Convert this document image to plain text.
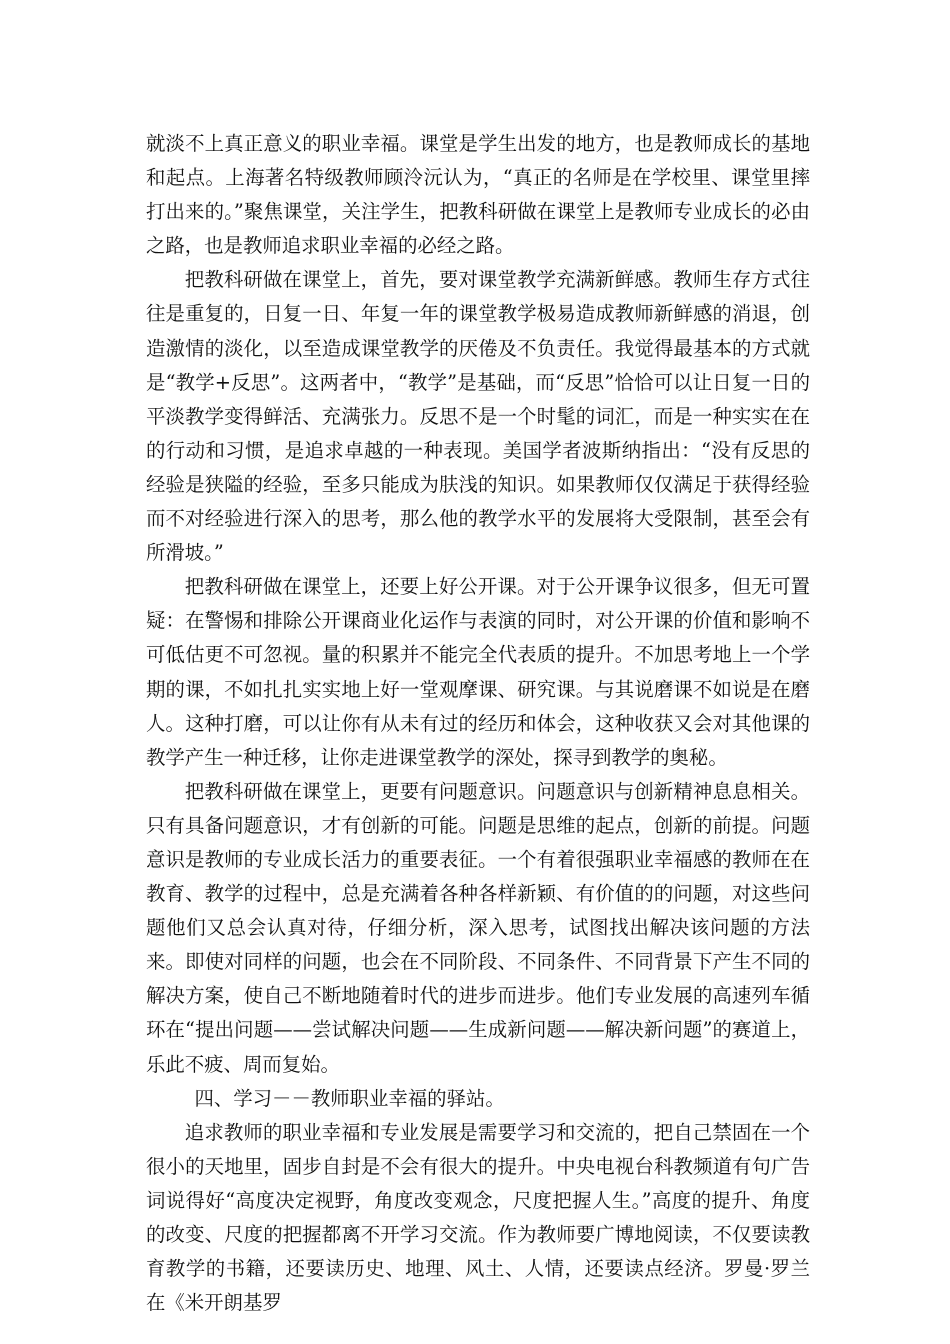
就淡不上真正意义的职业幸福。课堂是学生出发的地方，也是教师成长的基地和起点。上海著名特级教师顾泠沅认为，“真正的名师是在学校里、课堂里摔打出来的。”聚焦课堂，关注学生，把教科研做在课堂上是教师专业成长的必由之路，也是教师追求职业幸福的必经之路。

把教科研做在课堂上，首先，要对课堂教学充满新鲜感。教师生存方式往往是重复的，日复一日、年复一年的课堂教学极易造成教师新鲜感的消退，创造激情的淡化，以至造成课堂教学的厌倦及不负责任。我觉得最基本的方式就是“教学+反思”。这两者中，“教学”是基础，而“反思”恰恰可以让日复一日的平淡教学变得鲜活、充满张力。反思不是一个时髦的词汇，而是一种实实在在的行动和习惯，是追求卓越的一种表现。美国学者波斯纳指出：“没有反思的经验是狭隘的经验，至多只能成为肤浅的知识。如果教师仅仅满足于获得经验而不对经验进行深入的思考，那么他的教学水平的发展将大受限制，甚至会有所滑坡。”

把教科研做在课堂上，还要上好公开课。对于公开课争议很多，但无可置疑：在警惕和排除公开课商业化运作与表演的同时，对公开课的价值和影响不可低估更不可忽视。量的积累并不能完全代表质的提升。不加思考地上一个学期的课，不如扎扎实实地上好一堂观摩课、研究课。与其说磨课不如说是在磨人。这种打磨，可以让你有从未有过的经历和体会，这种收获又会对其他课的教学产生一种迁移，让你走进课堂教学的深处，探寻到教学的奥秘。

把教科研做在课堂上，更要有问题意识。问题意识与创新精神息息相关。只有具备问题意识，才有创新的可能。问题是思维的起点，创新的前提。问题意识是教师的专业成长活力的重要表征。一个有着很强职业幸福感的教师在在教育、教学的过程中，总是充满着各种各样新颖、有价值的的问题，对这些问题他们又总会认真对待，仔细分析，深入思考，试图找出解决该问题的方法来。即使对同样的问题，也会在不同阶段、不同条件、不同背景下产生不同的解决方案，使自己不断地随着时代的进步而进步。他们专业发展的高速列车循环在“提出问题——尝试解决问题——生成新问题——解决新问题”的赛道上，乐此不疲、周而复始。

四、学习－－教师职业幸福的驿站。

追求教师的职业幸福和专业发展是需要学习和交流的，把自己禁固在一个很小的天地里，固步自封是不会有很大的提升。中央电视台科教频道有句广告词说得好“高度决定视野，角度改变观念，尺度把握人生。”高度的提升、角度的改变、尺度的把握都离不开学习交流。作为教师要广博地阅读，不仅要读教育教学的书籍，还要读历史、地理、风土、人情，还要读点经济。罗曼·罗兰在《米开朗基罗
